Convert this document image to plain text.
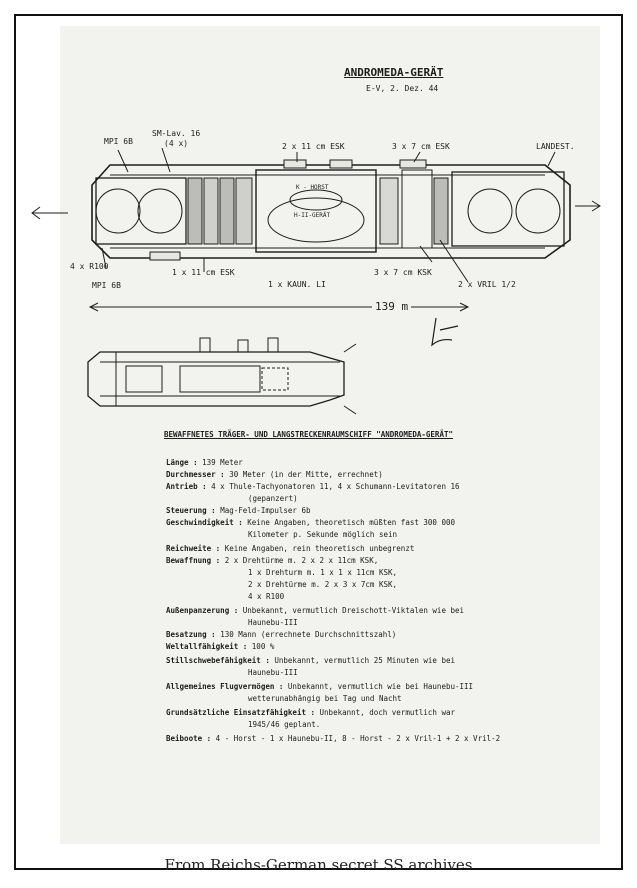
ANDROMEDA-GERÄT
E-V, 2. Dez. 44
MPI 6B
SM-Lav. 16
(4 x)	2 x 11 cm ESK	3 x 7 cm ESK	LANDEST.
4 x R100
MPI 6B
1 x 11 cm ESK
1 x KAUN. LI
3 x 7 cm KSK
2 x VRIL 1/2
139 m
K - HORST
H-II-GERÄT
BEWAFFNETES TRÄGER- UND LANGSTRECKENRAUMSCHIFF "ANDROMEDA-GERÄT"
Länge : 139 Meter
Durchmesser : 30 Meter (in der Mitte, errechnet)
Antrieb : 4 x Thule-Tachyonatoren 11, 4 x Schumann-Levitatoren 16
(gepanzert)
Steuerung : Mag-Feld-Impulser 6b
Geschwindigkeit : Keine Angaben, theoretisch müßten fast 300 000
Kilometer p. Sekunde möglich sein
Reichweite : Keine Angaben, rein theoretisch unbegrenzt
Bewaffnung : 2 x Drehtürme m. 2 x 2 x 11cm KSK,
1 x Drehturm m. 1 x 1 x 11cm KSK,
2 x Drehtürme m. 2 x 3 x 7cm KSK,
4 x R100
Außenpanzerung : Unbekannt, vermutlich Dreischott-Viktalen wie bei
Haunebu-III
Besatzung : 130 Mann (errechnete Durchschnittszahl)
Weltallfähigkeit : 100 %
Stillschwebefähigkeit : Unbekannt, vermutlich 25 Minuten wie bei
Haunebu-III
Allgemeines Flugvermögen : Unbekannt, vermutlich wie bei Haunebu-III
wetterunabhängig bei Tag und Nacht
Grundsätzliche Einsatzfähigkeit : Unbekannt, doch vermutlich war
1945/46 geplant.
Beiboote : 4 - Horst - 1 x Haunebu-II, 8 - Horst - 2 x Vril-1 + 2 x Vril-2
From Reichs-German secret SS archives
